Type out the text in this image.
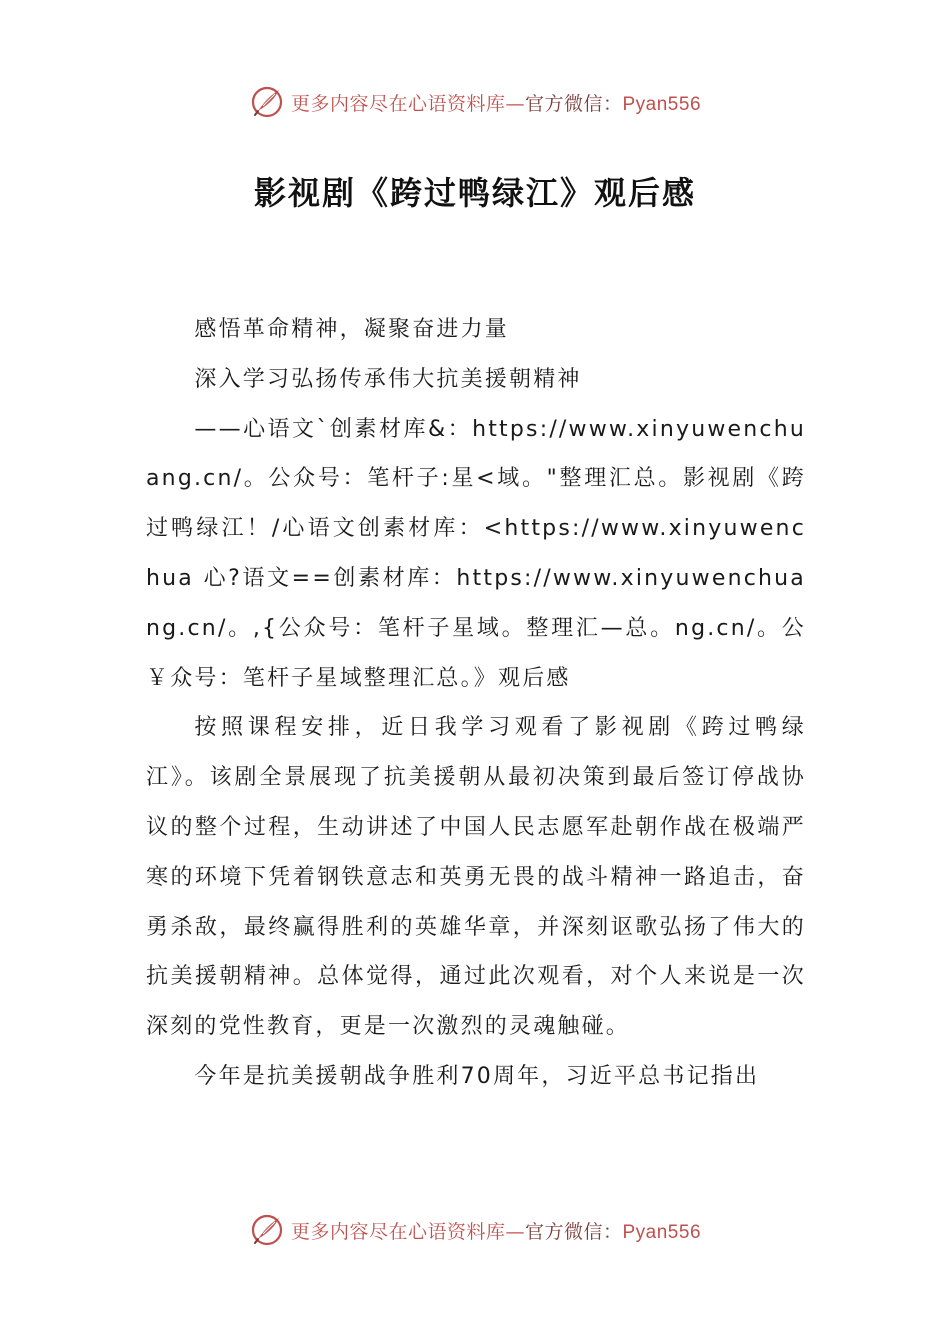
更多内容尽在心语资料库—官方微信：Pyan556
影视剧《跨过鸭绿江》观后感

感悟革命精神，凝聚奋进力量

深入学习弘扬传承伟大抗美援朝精神

——心语文`创素材库&：https://www.xinyuwenchuang.cn/。公众号：笔杆子:星<域。"整理汇总。影视剧《跨过鸭绿江！/心语文创素材库：<https://www.xinyuwenchua 心?语文==创素材库：https://www.xinyuwenchuang.cn/。,{公众号：笔杆子星域。整理汇—总。ng.cn/。公￥众号：笔杆子星域整理汇总。》观后感

按照课程安排，近日我学习观看了影视剧《跨过鸭绿江》。该剧全景展现了抗美援朝从最初决策到最后签订停战协议的整个过程，生动讲述了中国人民志愿军赴朝作战在极端严寒的环境下凭着钢铁意志和英勇无畏的战斗精神一路追击，奋勇杀敌，最终赢得胜利的英雄华章，并深刻讴歌弘扬了伟大的抗美援朝精神。总体觉得，通过此次观看，对个人来说是一次深刻的党性教育，更是一次激烈的灵魂触碰。

今年是抗美援朝战争胜利70周年，习近平总书记指出

更多内容尽在心语资料库—官方微信：Pyan556
